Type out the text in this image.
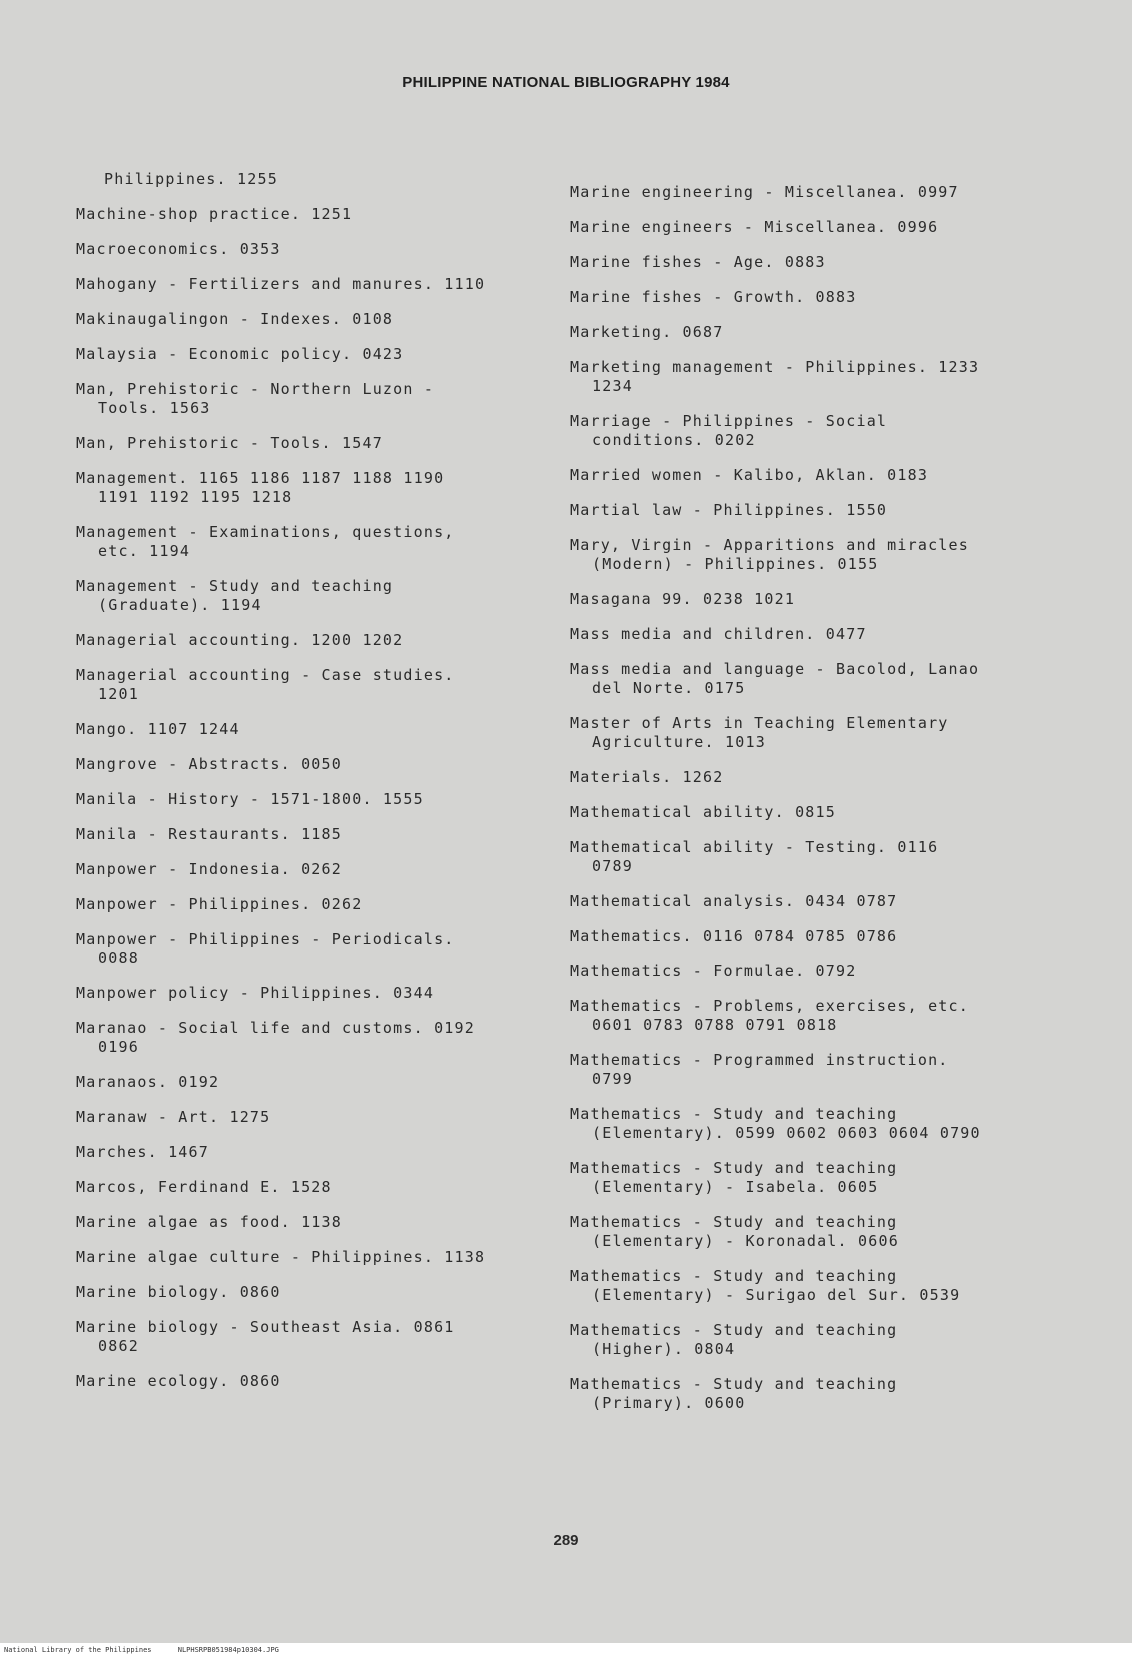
PHILIPPINE NATIONAL BIBLIOGRAPHY 1984
Philippines. 1255
Machine-shop practice. 1251
Macroeconomics. 0353
Mahogany - Fertilizers and manures. 1110
Makinaugalingon - Indexes. 0108
Malaysia - Economic policy. 0423
Man, Prehistoric - Northern Luzon -
Tools. 1563
Man, Prehistoric - Tools. 1547
Management. 1165 1186 1187 1188 1190
1191 1192 1195 1218
Management - Examinations, questions,
etc. 1194
Management - Study and teaching
(Graduate). 1194
Managerial accounting. 1200 1202
Managerial accounting - Case studies.
1201
Mango. 1107 1244
Mangrove - Abstracts. 0050
Manila - History - 1571-1800. 1555
Manila - Restaurants. 1185
Manpower - Indonesia. 0262
Manpower - Philippines. 0262
Manpower - Philippines - Periodicals.
0088
Manpower policy - Philippines. 0344
Maranao - Social life and customs. 0192
0196
Maranaos. 0192
Maranaw - Art. 1275
Marches. 1467
Marcos, Ferdinand E. 1528
Marine algae as food. 1138
Marine algae culture - Philippines. 1138
Marine biology. 0860
Marine biology - Southeast Asia. 0861
0862
Marine ecology. 0860
Marine engineering - Miscellanea. 0997
Marine engineers - Miscellanea. 0996
Marine fishes - Age. 0883
Marine fishes - Growth. 0883
Marketing. 0687
Marketing management - Philippines. 1233
1234
Marriage - Philippines - Social
conditions. 0202
Married women - Kalibo, Aklan. 0183
Martial law - Philippines. 1550
Mary, Virgin - Apparitions and miracles
(Modern) - Philippines. 0155
Masagana 99. 0238 1021
Mass media and children. 0477
Mass media and language - Bacolod, Lanao
del Norte. 0175
Master of Arts in Teaching Elementary
Agriculture. 1013
Materials. 1262
Mathematical ability. 0815
Mathematical ability - Testing. 0116
0789
Mathematical analysis. 0434 0787
Mathematics. 0116 0784 0785 0786
Mathematics - Formulae. 0792
Mathematics - Problems, exercises, etc.
0601 0783 0788 0791 0818
Mathematics - Programmed instruction.
0799
Mathematics - Study and teaching
(Elementary). 0599 0602 0603 0604 0790
Mathematics - Study and teaching
(Elementary) - Isabela. 0605
Mathematics - Study and teaching
(Elementary) - Koronadal. 0606
Mathematics - Study and teaching
(Elementary) - Surigao del Sur. 0539
Mathematics - Study and teaching
(Higher). 0804
Mathematics - Study and teaching
(Primary). 0600
289
National Library of the Philippines	NLPHSRPB051984p10304.JPG
